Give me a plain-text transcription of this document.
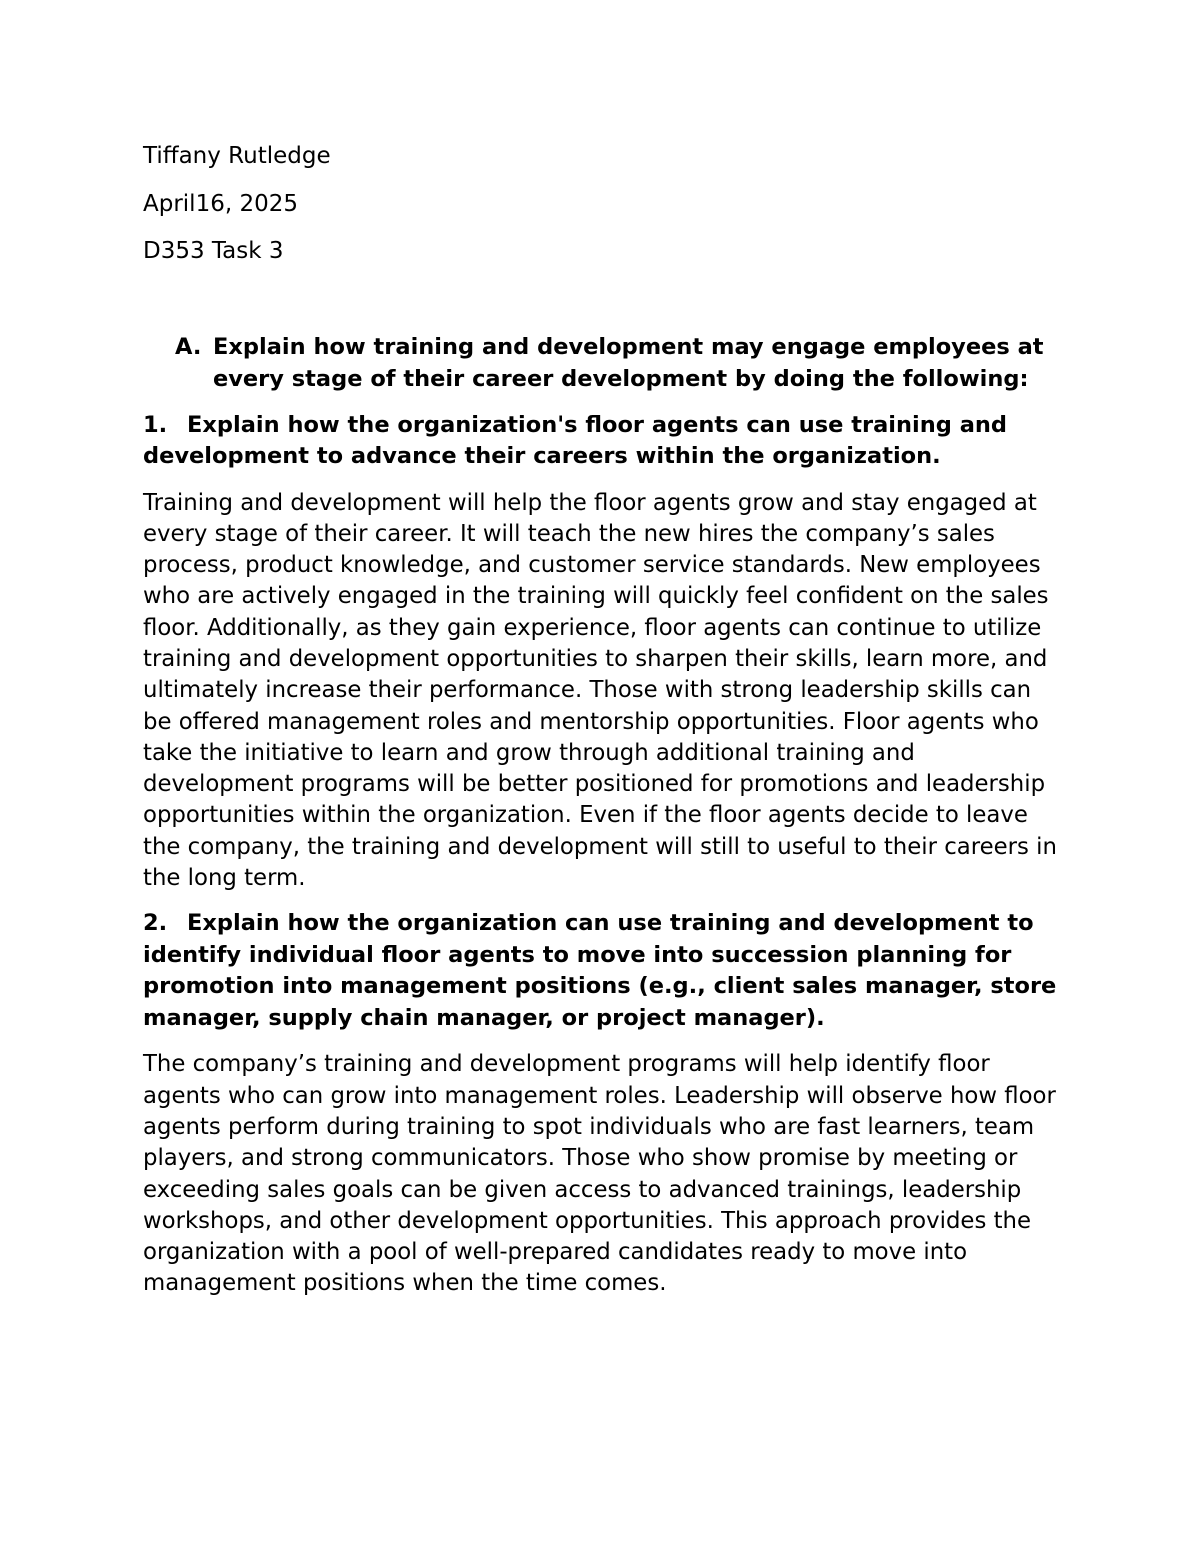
Tiffany Rutledge

April16, 2025

D353 Task 3

A. Explain how training and development may engage employees at every stage of their career development by doing the following:

1. Explain how the organization's floor agents can use training and development to advance their careers within the organization.

Training and development will help the floor agents grow and stay engaged at every stage of their career. It will teach the new hires the company’s sales process, product knowledge, and customer service standards. New employees who are actively engaged in the training will quickly feel confident on the sales floor. Additionally, as they gain experience, floor agents can continue to utilize training and development opportunities to sharpen their skills, learn more, and ultimately increase their performance. Those with strong leadership skills can be offered management roles and mentorship opportunities. Floor agents who take the initiative to learn and grow through additional training and development programs will be better positioned for promotions and leadership opportunities within the organization. Even if the floor agents decide to leave the company, the training and development will still to useful to their careers in the long term.

2. Explain how the organization can use training and development to identify individual floor agents to move into succession planning for promotion into management positions (e.g., client sales manager, store manager, supply chain manager, or project manager).

The company’s training and development programs will help identify floor agents who can grow into management roles. Leadership will observe how floor agents perform during training to spot individuals who are fast learners, team players, and strong communicators. Those who show promise by meeting or exceeding sales goals can be given access to advanced trainings, leadership workshops, and other development opportunities. This approach provides the organization with a pool of well-prepared candidates ready to move into management positions when the time comes.
